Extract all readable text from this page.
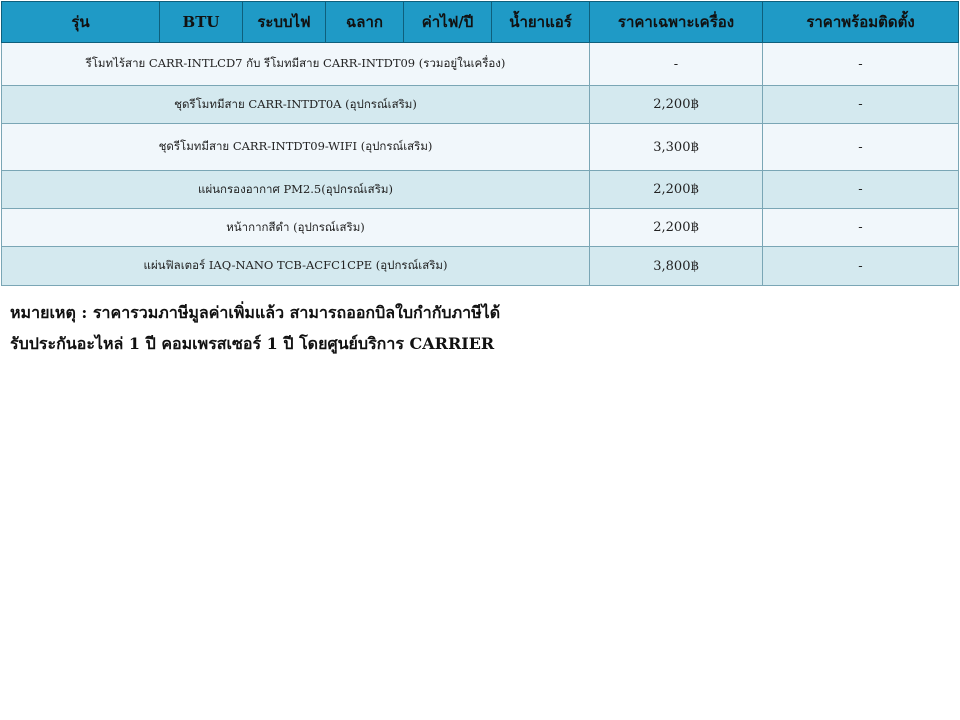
รุ่น	BTU	ระบบไฟ	ฉลาก	ค่าไฟ/ปี	น้ำยาแอร์	ราคาเฉพาะเครื่อง	ราคาพร้อมติดตั้ง
รีโมทไร้สาย CARR-INTLCD7 กับ รีโมทมีสาย CARR-INTDT09 (รวมอยู่ในเครื่อง)						-	-
ชุดรีโมทมีสาย CARR-INTDT0A (อุปกรณ์เสริม)						2,200฿	-
ชุดรีโมทมีสาย CARR-INTDT09-WIFI (อุปกรณ์เสริม)						3,300฿	-
แผ่นกรองอากาศ PM2.5(อุปกรณ์เสริม)						2,200฿	-
หน้ากากสีดำ (อุปกรณ์เสริม)						2,200฿	-
แผ่นฟิลเตอร์ IAQ-NANO TCB-ACFC1CPE (อุปกรณ์เสริม)						3,800฿	-
หมายเหตุ : ราคารวมภาษีมูลค่าเพิ่มแล้ว สามารถออกบิลใบกำกับภาษีได้
รับประกันอะไหล่ 1 ปี คอมเพรสเซอร์ 1 ปี โดยศูนย์บริการ CARRIER
